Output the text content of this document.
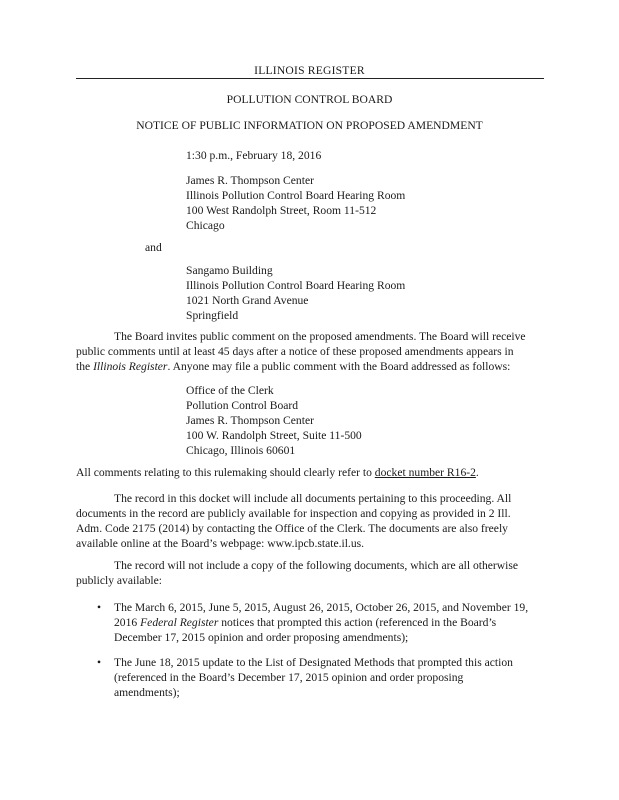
ILLINOIS REGISTER
POLLUTION CONTROL BOARD
NOTICE OF PUBLIC INFORMATION ON PROPOSED AMENDMENT
1:30 p.m., February 18, 2016
James R. Thompson Center
Illinois Pollution Control Board Hearing Room
100 West Randolph Street, Room 11-512
Chicago
and
Sangamo Building
Illinois Pollution Control Board Hearing Room
1021 North Grand Avenue
Springfield
The Board invites public comment on the proposed amendments. The Board will receive
public comments until at least 45 days after a notice of these proposed amendments appears in
the Illinois Register. Anyone may file a public comment with the Board addressed as follows:
Office of the Clerk
Pollution Control Board
James R. Thompson Center
100 W. Randolph Street, Suite 11-500
Chicago, Illinois 60601
All comments relating to this rulemaking should clearly refer to docket number R16-2.
The record in this docket will include all documents pertaining to this proceeding. All
documents in the record are publicly available for inspection and copying as provided in 2 Ill.
Adm. Code 2175 (2014) by contacting the Office of the Clerk. The documents are also freely
available online at the Board’s webpage: www.ipcb.state.il.us.
The record will not include a copy of the following documents, which are all otherwise
publicly available:
• The March 6, 2015, June 5, 2015, August 26, 2015, October 26, 2015, and November 19,
2016 Federal Register notices that prompted this action (referenced in the Board’s
December 17, 2015 opinion and order proposing amendments);
• The June 18, 2015 update to the List of Designated Methods that prompted this action
(referenced in the Board’s December 17, 2015 opinion and order proposing
amendments);
